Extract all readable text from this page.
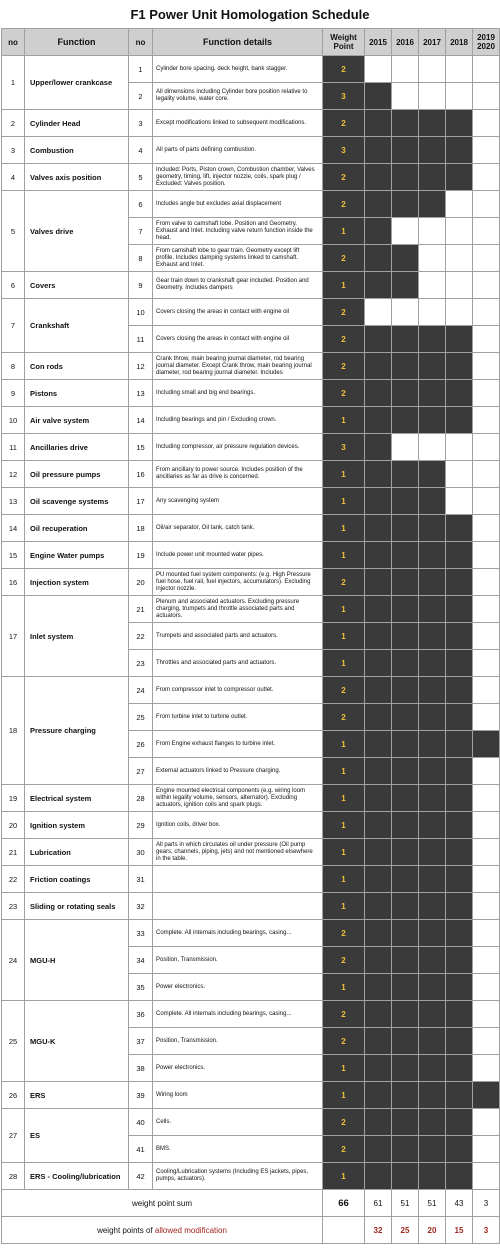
F1 Power Unit Homologation Schedule
no	Function	no	Function details	Weight Point	2015	2016	2017	2018	2019 2020
1	Upper/lower crankcase	1	Cylinder bore spacing, deck height, bank stagger.	2					
		2	All dimensions including Cylinder bore position relative to legality volume, water core.	3					
2	Cylinder Head	3	Except modifications linked to subsequent modifications.	2					
3	Combustion	4	All parts of parts defining combustion.	3					
4	Valves axis position	5	Included: Ports, Piston crown, Combustion chamber, Valves geometry, timing, lift, injector nozzle, coils, spark plug / Excluded: Valves position.	2					
5	Valves drive	6	Includes angle but excludes axial displacement	2					
		7	From valve to camshaft lobe. Position and Geometry. Exhaust and Inlet. Including valve return function inside the head.	1					
		8	From camshaft lobe to gear train. Geometry except lift profile. Includes damping systems linked to camshaft. Exhaust and Inlet.	2					
6	Covers	9	Gear train down to crankshaft gear included. Position and Geometry. Includes dampers	1					
7	Crankshaft	10	Covers closing the areas in contact with engine oil	2					
		11	Covers closing the areas in contact with engine oil	2					
8	Con rods	12	Crank throw, main bearing journal diameter, rod bearing journal diameter. Except Crank throw, main bearing journal diameter, rod bearing journal diameter. Includes	2					
9	Pistons	13	Including small and big end bearings.	2					
10	Air valve system	14	Including bearings and pin / Excluding crown.	1					
11	Ancillaries drive	15	Including compressor, air pressure regulation devices.	3					
12	Oil pressure pumps	16	From ancillary to power source. Includes position of the ancillaries as far as drive is concerned.	1					
13	Oil scavenge systems	17	Any scavenging system	1					
14	Oil recuperation	18	Oil/air separator, Oil tank, catch tank.	1					
15	Engine Water pumps	19	Include power unit mounted water pipes.	1					
16	Injection system	20	PU mounted fuel system components: (e.g. High Pressure fuel hose, fuel rail, fuel injectors, accumulators). Excluding injector nozzle.	2					
17	Inlet system	21	Plenum and associated actuators. Excluding pressure charging, trumpets and throttle associated parts and actuators.	1					
		22	Trumpets and associated parts and actuators.	1					
		23	Throttles and associated parts and actuators.	1					
18	Pressure charging	24	From compressor inlet to compressor outlet.	2					
		25	From turbine inlet to turbine outlet.	2					
		26	From Engine exhaust flanges to turbine inlet.	1					
		27	External actuators linked to Pressure charging.	1					
19	Electrical system	28	Engine mounted electrical components (e.g. wiring loom within legality volume, sensors, alternator). Excluding actuators, ignition coils and spark plugs.	1					
20	Ignition system	29	Ignition coils, driver box.	1					
21	Lubrication	30	All parts in which circulates oil under pressure (Oil pump gears, channels, piping, jets) and not mentioned elsewhere in the table.	1					
22	Friction coatings	31		1					
23	Sliding or rotating seals	32		1					
24	MGU-H	33	Complete. All internals including bearings, casing...	2					
		34	Position, Transmission.	2					
		35	Power electronics.	1					
25	MGU-K	36	Complete. All internals including bearings, casing...	2					
		37	Position, Transmission.	2					
		38	Power electronics.	1					
26	ERS	39	Wiring loom	1					
27	ES	40	Cells.	2					
		41	BMS.	2					
28	ERS - Cooling/lubrication	42	Cooling/Lubrication systems (Including ES jackets, pipes, pumps, actuators).	1					
weight point sum				66	61	51	51	43	3
weight points of allowed modification					32	25	20	15	3
